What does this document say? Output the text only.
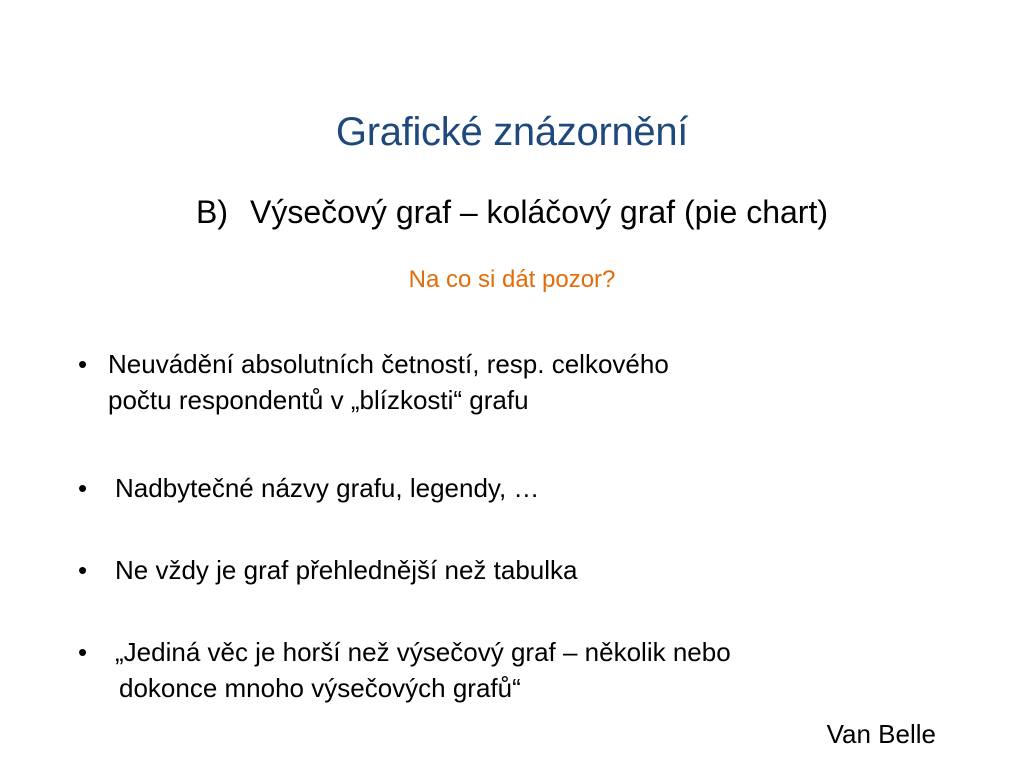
Grafické znázornění
B) Výsečový graf – koláčový graf (pie chart)
Na co si dát pozor?
• Neuvádění absolutních četností, resp. celkového
počtu respondentů v „blízkosti“ grafu
• Nadbytečné názvy grafu, legendy, …
• Ne vždy je graf přehlednější než tabulka
• „Jediná věc je horší než výsečový graf – několik nebo
dokonce mnoho výsečových grafů“
Van Belle
